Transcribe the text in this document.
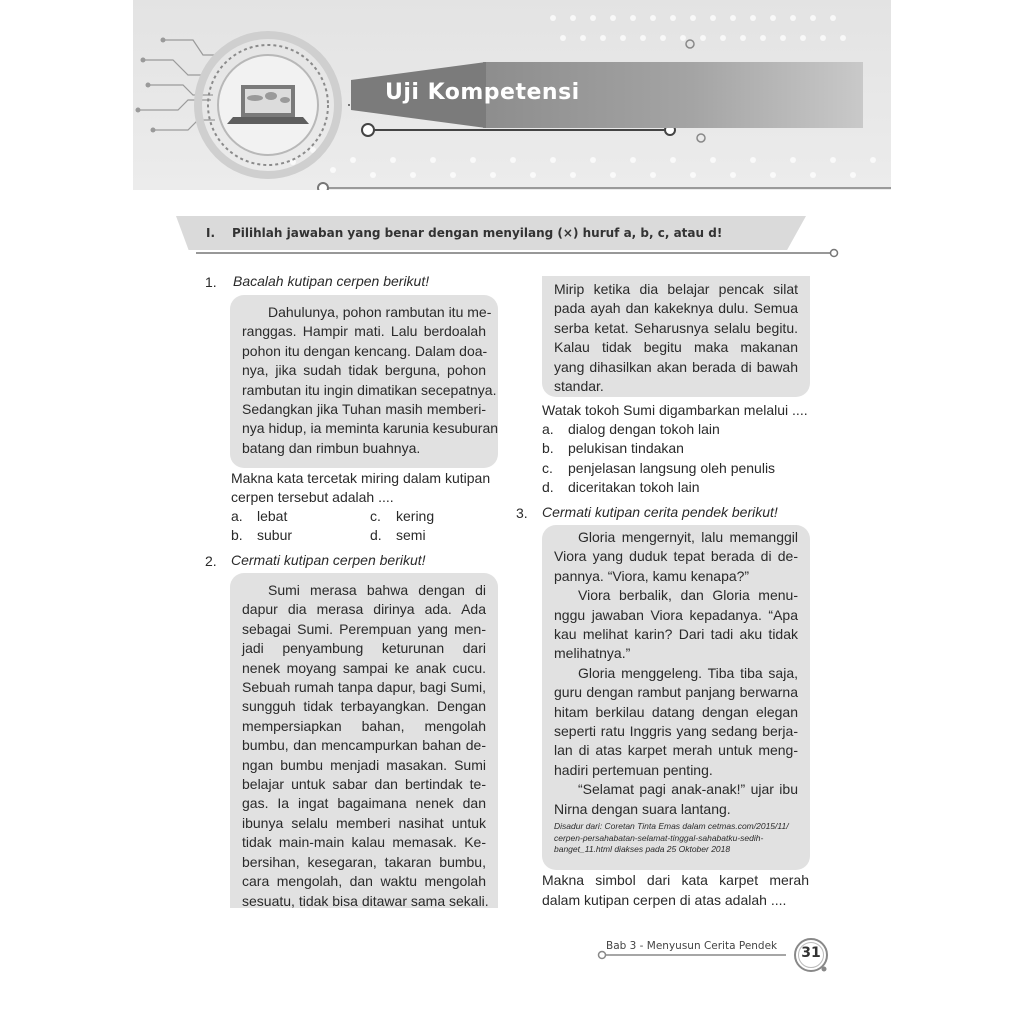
Uji Kompetensi
I. Pilihlah jawaban yang benar dengan menyilang (×) huruf a, b, c, atau d!
1. Bacalah kutipan cerpen berikut!
Dahulunya, pohon rambutan itu me-
ranggas. Hampir mati. Lalu berdoalah
pohon itu dengan kencang. Dalam doa-
nya, jika sudah tidak berguna, pohon
rambutan itu ingin dimatikan secepatnya.
Sedangkan jika Tuhan masih memberi-
nya hidup, ia meminta karunia kesuburan
batang dan rimbun buahnya.
Makna kata tercetak miring dalam kutipan
cerpen tersebut adalah ....
a. lebat
b. subur
c. kering
d. semi
2. Cermati kutipan cerpen berikut!
Sumi merasa bahwa dengan di
dapur dia merasa dirinya ada. Ada
sebagai Sumi. Perempuan yang men-
jadi penyambung keturunan dari
nenek moyang sampai ke anak cucu.
Sebuah rumah tanpa dapur, bagi Sumi,
sungguh tidak terbayangkan. Dengan
mempersiapkan bahan, mengolah
bumbu, dan mencampurkan bahan de-
ngan bumbu menjadi masakan. Sumi
belajar untuk sabar dan bertindak te-
gas. Ia ingat bagaimana nenek dan
ibunya selalu memberi nasihat untuk
tidak main-main kalau memasak. Ke-
bersihan, kesegaran, takaran bumbu,
cara mengolah, dan waktu mengolah
sesuatu, tidak bisa ditawar sama sekali.
Mirip ketika dia belajar pencak silat
pada ayah dan kakeknya dulu. Semua
serba ketat. Seharusnya selalu begitu.
Kalau tidak begitu maka makanan
yang dihasilkan akan berada di bawah
standar.
Watak tokoh Sumi digambarkan melalui ....
a. dialog dengan tokoh lain
b. pelukisan tindakan
c. penjelasan langsung oleh penulis
d. diceritakan tokoh lain
3. Cermati kutipan cerita pendek berikut!
Gloria mengernyit, lalu memanggil
Viora yang duduk tepat berada di de-
pannya. “Viora, kamu kenapa?”
Viora berbalik, dan Gloria menu-
nggu jawaban Viora kepadanya. “Apa
kau melihat karin? Dari tadi aku tidak
melihatnya.”
Gloria menggeleng. Tiba tiba saja,
guru dengan rambut panjang berwarna
hitam berkilau datang dengan elegan
seperti ratu Inggris yang sedang berja-
lan di atas karpet merah untuk meng-
hadiri pertemuan penting.
“Selamat pagi anak-anak!” ujar ibu
Nirna dengan suara lantang.
Disadur dari: Coretan Tinta Emas dalam cetmas.com/2015/11/
cerpen-persahabatan-selamat-tinggal-sahabatku-sedih-
banget_11.html diakses pada 25 Oktober 2018
Makna simbol dari kata karpet merah
dalam kutipan cerpen di atas adalah ....
Bab 3 - Menyusun Cerita Pendek	31
